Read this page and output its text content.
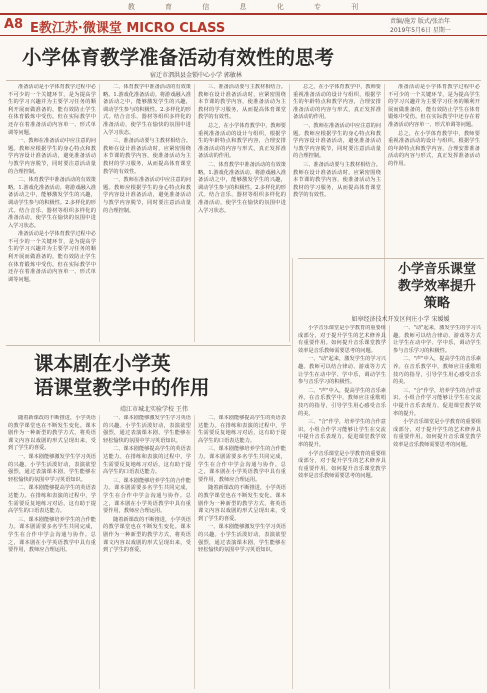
教 育 信 息 化 专 刊
A8 E教江苏·微课堂 MICRO CLASS	责编/施芳 版式/张治年
2019年5月6日 星期一
小学体育教学准备活动有效性的思考
宿迁市泗洪县金锁中心小学 郭敏林

准备活动是小学体育教学过程中必不可少的一个关键环节，是为提高学生的学习兴趣并为主要学习任务的顺利开展而做准备的，能有效防止学生在体育锻炼中受伤。但在实际教学中还存在着准备活动内容单一、形式单调等问题。

一、教师在准备活动中应注意的问题。教师应根据学生的身心特点和教学内容设计准备活动，避免准备活动与教学内容脱节，同时要注意活动量的合理控制。

二、体育教学中准备活动的有效策略。1.游戏化准备活动。将游戏融入准备活动之中，能够激发学生的兴趣，调动学生参与的积极性。2.多样化的形式。结合音乐、器材等组织多样化的准备活动，使学生在愉快的氛围中进入学习状态。

准备活动是小学体育教学过程中必不可少的一个关键环节，是为提高学生的学习兴趣并为主要学习任务的顺利开展而做准备的，能有效防止学生在体育锻炼中受伤。但在实际教学中还存在着准备活动内容单一、形式单调等问题。

二、体育教学中准备活动的有效策略。1.游戏化准备活动。将游戏融入准备活动之中，能够激发学生的兴趣，调动学生参与的积极性。2.多样化的形式。结合音乐、器材等组织多样化的准备活动，使学生在愉快的氛围中进入学习状态。

三、准备活动要与主教材相结合。教师在设计准备活动时，应紧密围绕本节课的教学内容，使准备活动为主教材的学习服务，从而提高体育课堂教学的有效性。

一、教师在准备活动中应注意的问题。教师应根据学生的身心特点和教学内容设计准备活动，避免准备活动与教学内容脱节，同时要注意活动量的合理控制。

三、准备活动要与主教材相结合。教师在设计准备活动时，应紧密围绕本节课的教学内容，使准备活动为主教材的学习服务，从而提高体育课堂教学的有效性。

总之，在小学体育教学中，教师要重视准备活动的设计与组织，根据学生的年龄特点和教学内容，合理安排准备活动的内容与形式，真正发挥准备活动的作用。

二、体育教学中准备活动的有效策略。1.游戏化准备活动。将游戏融入准备活动之中，能够激发学生的兴趣，调动学生参与的积极性。2.多样化的形式。结合音乐、器材等组织多样化的准备活动，使学生在愉快的氛围中进入学习状态。

总之，在小学体育教学中，教师要重视准备活动的设计与组织，根据学生的年龄特点和教学内容，合理安排准备活动的内容与形式，真正发挥准备活动的作用。

一、教师在准备活动中应注意的问题。教师应根据学生的身心特点和教学内容设计准备活动，避免准备活动与教学内容脱节，同时要注意活动量的合理控制。

三、准备活动要与主教材相结合。教师在设计准备活动时，应紧密围绕本节课的教学内容，使准备活动为主教材的学习服务，从而提高体育课堂教学的有效性。

准备活动是小学体育教学过程中必不可少的一个关键环节，是为提高学生的学习兴趣并为主要学习任务的顺利开展而做准备的，能有效防止学生在体育锻炼中受伤。但在实际教学中还存在着准备活动内容单一、形式单调等问题。

总之，在小学体育教学中，教师要重视准备活动的设计与组织，根据学生的年龄特点和教学内容，合理安排准备活动的内容与形式，真正发挥准备活动的作用。

小学音乐课堂教学效率提升策略
如皋经济技术开发区何庄小学 宋媛媛

小学音乐课堂是小学教育的重要组成部分，对于提升学生的艺术修养具有重要作用。如何提升音乐课堂教学效率是音乐教师需要思考的问题。

一、"动"起来，激发学生的学习兴趣。教师可以结合律动、游戏等方式让学生在动中学、学中乐，调动学生参与音乐学习的积极性。

二、"声"中入，提高学生的音乐素养。在音乐教学中，教师应注重歌唱技巧的指导，引导学生用心感受音乐的美。

三、"合"作学，培养学生的合作意识。小组合作学习能够让学生在交流中提升音乐表现力，促进课堂教学效率的提升。

小学音乐课堂是小学教育的重要组成部分，对于提升学生的艺术修养具有重要作用。如何提升音乐课堂教学效率是音乐教师需要思考的问题。

一、"动"起来，激发学生的学习兴趣。教师可以结合律动、游戏等方式让学生在动中学、学中乐，调动学生参与音乐学习的积极性。

二、"声"中入，提高学生的音乐素养。在音乐教学中，教师应注重歌唱技巧的指导，引导学生用心感受音乐的美。

三、"合"作学，培养学生的合作意识。小组合作学习能够让学生在交流中提升音乐表现力，促进课堂教学效率的提升。

小学音乐课堂是小学教育的重要组成部分，对于提升学生的艺术修养具有重要作用。如何提升音乐课堂教学效率是音乐教师需要思考的问题。

课本剧在小学英
语课堂教学中的作用
靖江市城北实验学校 王伟

随着新课改的不断推进，小学英语的教学课堂也在不断发生变化。课本剧作为一种新型的教学方式，将英语课文内容以戏剧的形式呈现出来，受到了学生的喜爱。

一、课本剧能够激发学生学习英语的兴趣。小学生活泼好动，表演欲望强烈，通过表演课本剧，学生能够在轻松愉快的氛围中学习英语知识。

二、课本剧能够提高学生的英语表达能力。在排练和表演的过程中，学生需要反复地练习对话，这有助于提高学生的口语表达能力。

三、课本剧能够培养学生的合作能力。课本剧需要多名学生共同完成，学生在合作中学会沟通与协作。总之，课本剧在小学英语教学中具有重要作用，教师应合理运用。

一、课本剧能够激发学生学习英语的兴趣。小学生活泼好动，表演欲望强烈，通过表演课本剧，学生能够在轻松愉快的氛围中学习英语知识。

二、课本剧能够提高学生的英语表达能力。在排练和表演的过程中，学生需要反复地练习对话，这有助于提高学生的口语表达能力。

三、课本剧能够培养学生的合作能力。课本剧需要多名学生共同完成，学生在合作中学会沟通与协作。总之，课本剧在小学英语教学中具有重要作用，教师应合理运用。

随着新课改的不断推进，小学英语的教学课堂也在不断发生变化。课本剧作为一种新型的教学方式，将英语课文内容以戏剧的形式呈现出来，受到了学生的喜爱。

二、课本剧能够提高学生的英语表达能力。在排练和表演的过程中，学生需要反复地练习对话，这有助于提高学生的口语表达能力。

三、课本剧能够培养学生的合作能力。课本剧需要多名学生共同完成，学生在合作中学会沟通与协作。总之，课本剧在小学英语教学中具有重要作用，教师应合理运用。

随着新课改的不断推进，小学英语的教学课堂也在不断发生变化。课本剧作为一种新型的教学方式，将英语课文内容以戏剧的形式呈现出来，受到了学生的喜爱。

一、课本剧能够激发学生学习英语的兴趣。小学生活泼好动，表演欲望强烈，通过表演课本剧，学生能够在轻松愉快的氛围中学习英语知识。
